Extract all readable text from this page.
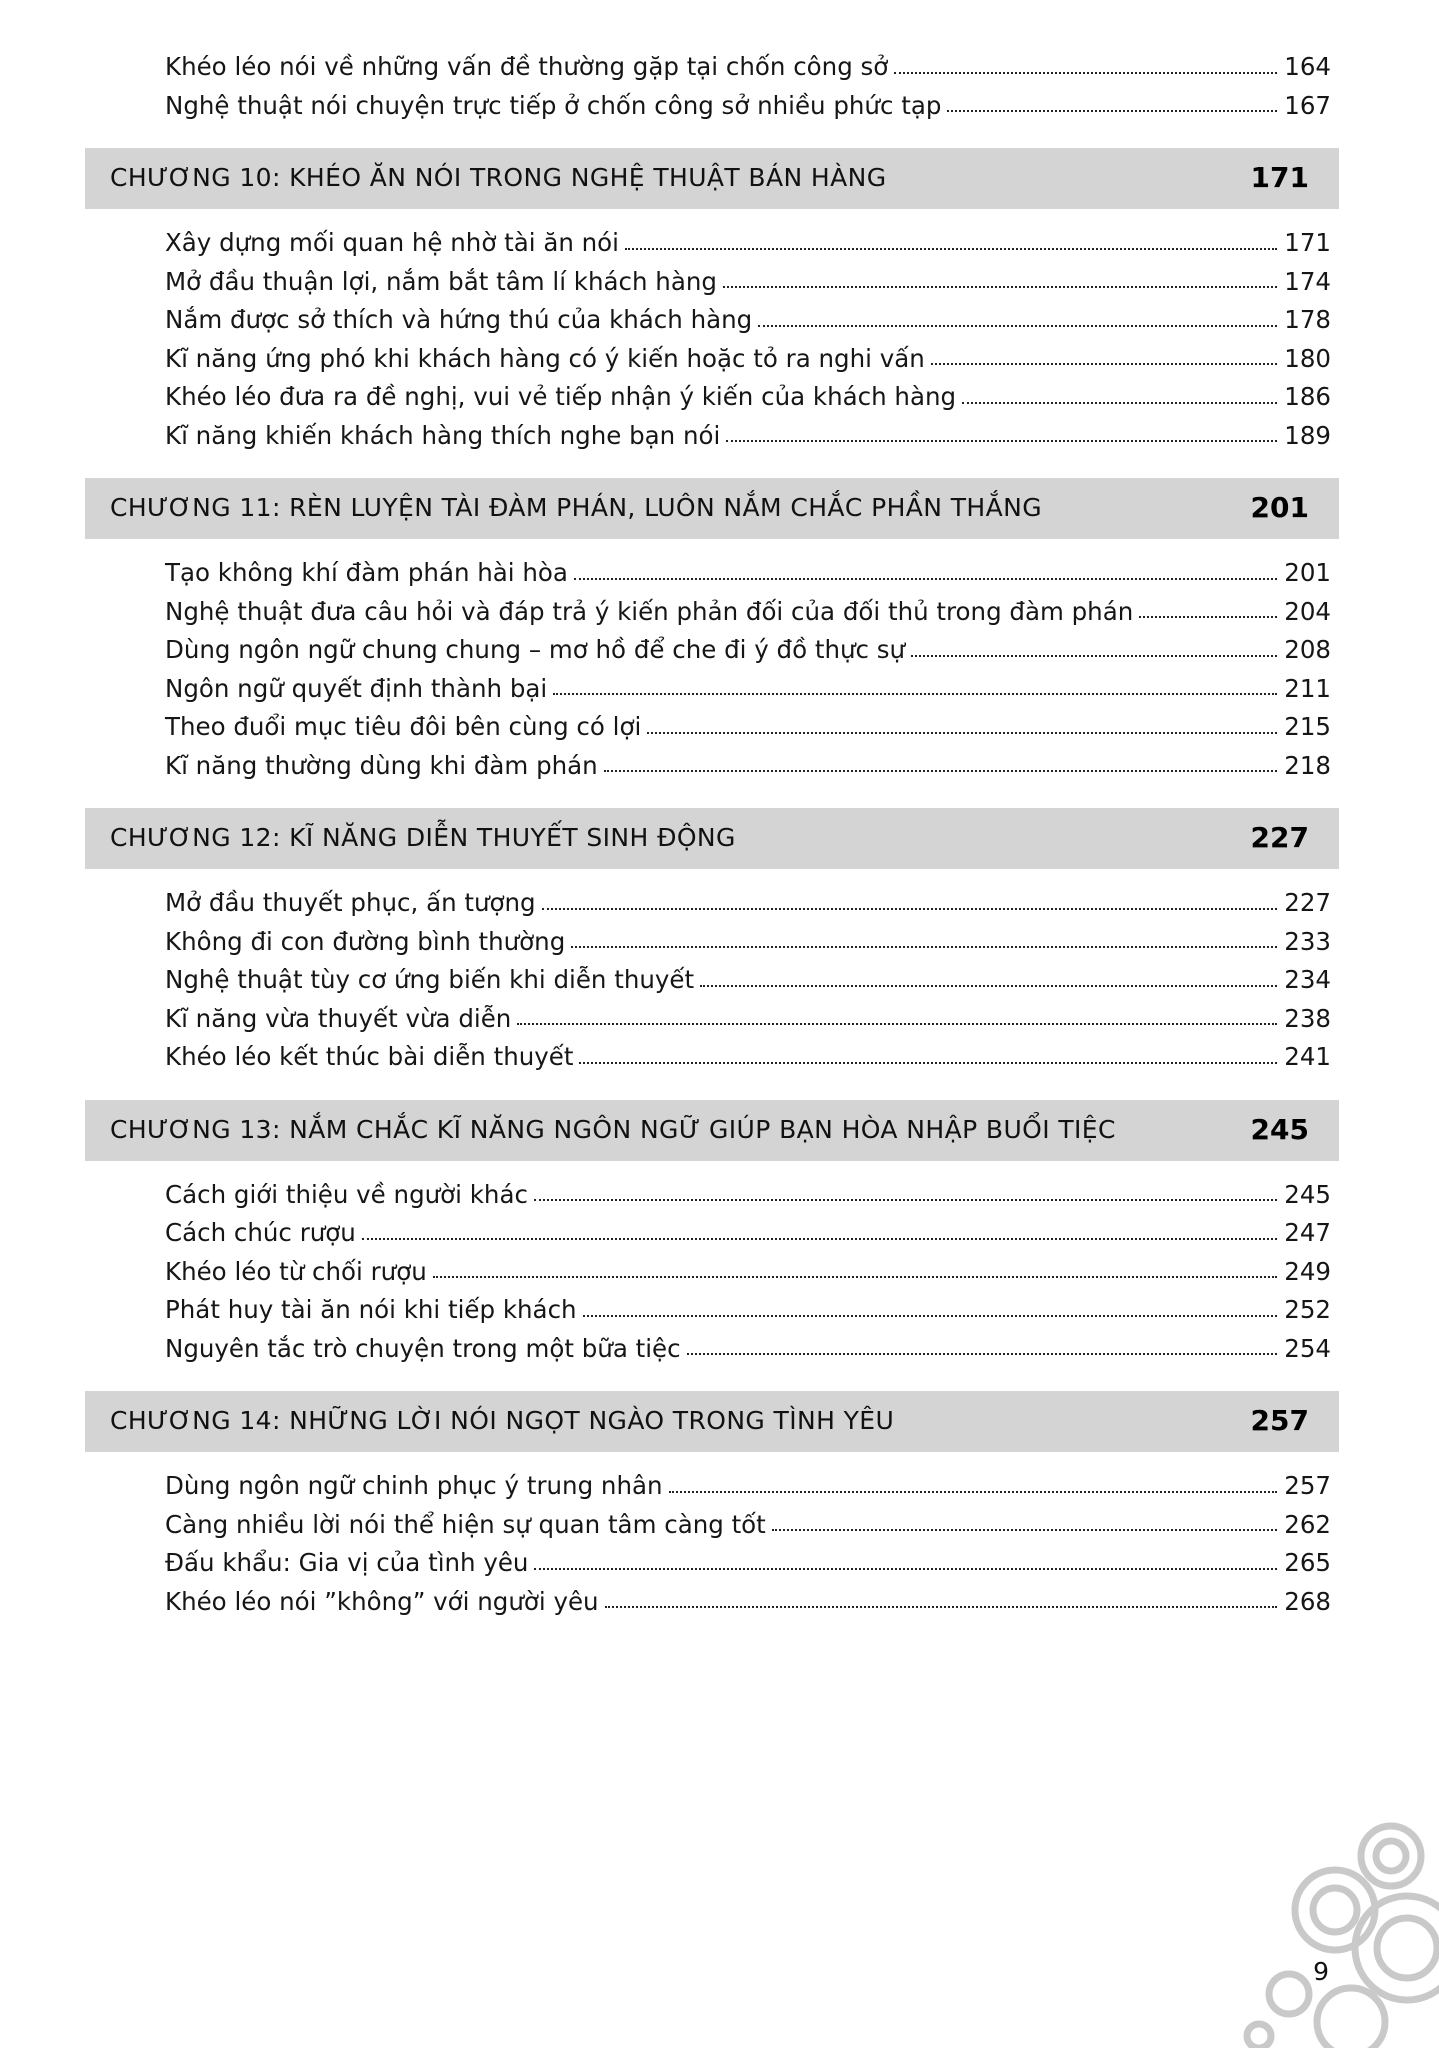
Khéo léo nói về những vấn đề thường gặp tại chốn công sở	164
Nghệ thuật nói chuyện trực tiếp ở chốn công sở nhiều phức tạp	167
CHƯƠNG 10: KHÉO ĂN NÓI TRONG NGHỆ THUẬT BÁN HÀNG	171
Xây dựng mối quan hệ nhờ tài ăn nói	171
Mở đầu thuận lợi, nắm bắt tâm lí khách hàng	174
Nắm được sở thích và hứng thú của khách hàng	178
Kĩ năng ứng phó khi khách hàng có ý kiến hoặc tỏ ra nghi vấn	180
Khéo léo đưa ra đề nghị, vui vẻ tiếp nhận ý kiến của khách hàng	186
Kĩ năng khiến khách hàng thích nghe bạn nói	189
CHƯƠNG 11: RÈN LUYỆN TÀI ĐÀM PHÁN, LUÔN NẮM CHẮC PHẦN THẮNG	201
Tạo không khí đàm phán hài hòa	201
Nghệ thuật đưa câu hỏi và đáp trả ý kiến phản đối của đối thủ trong đàm phán	204
Dùng ngôn ngữ chung chung – mơ hồ để che đi ý đồ thực sự	208
Ngôn ngữ quyết định thành bại	211
Theo đuổi mục tiêu đôi bên cùng có lợi	215
Kĩ năng thường dùng khi đàm phán	218
CHƯƠNG 12: KĨ NĂNG DIỄN THUYẾT SINH ĐỘNG	227
Mở đầu thuyết phục, ấn tượng	227
Không đi con đường bình thường	233
Nghệ thuật tùy cơ ứng biến khi diễn thuyết	234
Kĩ năng vừa thuyết vừa diễn	238
Khéo léo kết thúc bài diễn thuyết	241
CHƯƠNG 13: NẮM CHẮC KĨ NĂNG NGÔN NGỮ GIÚP BẠN HÒA NHẬP BUỔI TIỆC	245
Cách giới thiệu về người khác	245
Cách chúc rượu	247
Khéo léo từ chối rượu	249
Phát huy tài ăn nói khi tiếp khách	252
Nguyên tắc trò chuyện trong một bữa tiệc	254
CHƯƠNG 14: NHỮNG LỜI NÓI NGỌT NGÀO TRONG TÌNH YÊU	257
Dùng ngôn ngữ chinh phục ý trung nhân	257
Càng nhiều lời nói thể hiện sự quan tâm càng tốt	262
Đấu khẩu: Gia vị của tình yêu	265
Khéo léo nói ”không” với người yêu	268
9
